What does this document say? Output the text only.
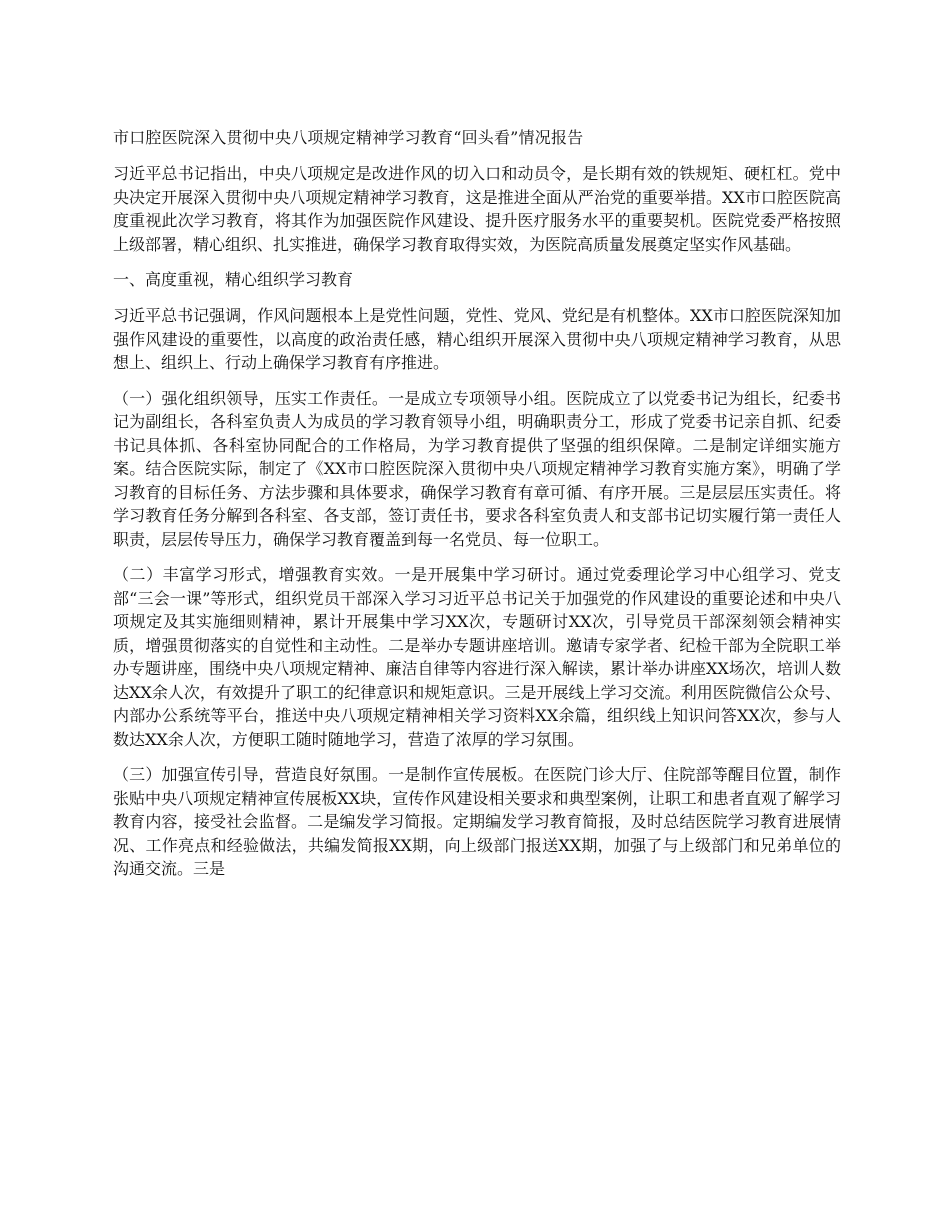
市口腔医院深入贯彻中央八项规定精神学习教育“回头看”情况报告

习近平总书记指出，中央八项规定是改进作风的切入口和动员令，是长期有效的铁规矩、硬杠杠。党中央决定开展深入贯彻中央八项规定精神学习教育，这是推进全面从严治党的重要举措。XX市口腔医院高度重视此次学习教育，将其作为加强医院作风建设、提升医疗服务水平的重要契机。医院党委严格按照上级部署，精心组织、扎实推进，确保学习教育取得实效，为医院高质量发展奠定坚实作风基础。

一、高度重视，精心组织学习教育

习近平总书记强调，作风问题根本上是党性问题，党性、党风、党纪是有机整体。XX市口腔医院深知加强作风建设的重要性，以高度的政治责任感，精心组织开展深入贯彻中央八项规定精神学习教育，从思想上、组织上、行动上确保学习教育有序推进。

（一）强化组织领导，压实工作责任。一是成立专项领导小组。医院成立了以党委书记为组长，纪委书记为副组长，各科室负责人为成员的学习教育领导小组，明确职责分工，形成了党委书记亲自抓、纪委书记具体抓、各科室协同配合的工作格局，为学习教育提供了坚强的组织保障。二是制定详细实施方案。结合医院实际，制定了《XX市口腔医院深入贯彻中央八项规定精神学习教育实施方案》，明确了学习教育的目标任务、方法步骤和具体要求，确保学习教育有章可循、有序开展。三是层层压实责任。将学习教育任务分解到各科室、各支部，签订责任书，要求各科室负责人和支部书记切实履行第一责任人职责，层层传导压力，确保学习教育覆盖到每一名党员、每一位职工。

（二）丰富学习形式，增强教育实效。一是开展集中学习研讨。通过党委理论学习中心组学习、党支部“三会一课”等形式，组织党员干部深入学习习近平总书记关于加强党的作风建设的重要论述和中央八项规定及其实施细则精神，累计开展集中学习XX次，专题研讨XX次，引导党员干部深刻领会精神实质，增强贯彻落实的自觉性和主动性。二是举办专题讲座培训。邀请专家学者、纪检干部为全院职工举办专题讲座，围绕中央八项规定精神、廉洁自律等内容进行深入解读，累计举办讲座XX场次，培训人数达XX余人次，有效提升了职工的纪律意识和规矩意识。三是开展线上学习交流。利用医院微信公众号、内部办公系统等平台，推送中央八项规定精神相关学习资料XX余篇，组织线上知识问答XX次，参与人数达XX余人次，方便职工随时随地学习，营造了浓厚的学习氛围。

（三）加强宣传引导，营造良好氛围。一是制作宣传展板。在医院门诊大厅、住院部等醒目位置，制作张贴中央八项规定精神宣传展板XX块，宣传作风建设相关要求和典型案例，让职工和患者直观了解学习教育内容，接受社会监督。二是编发学习简报。定期编发学习教育简报，及时总结医院学习教育进展情况、工作亮点和经验做法，共编发简报XX期，向上级部门报送XX期，加强了与上级部门和兄弟单位的沟通交流。三是
